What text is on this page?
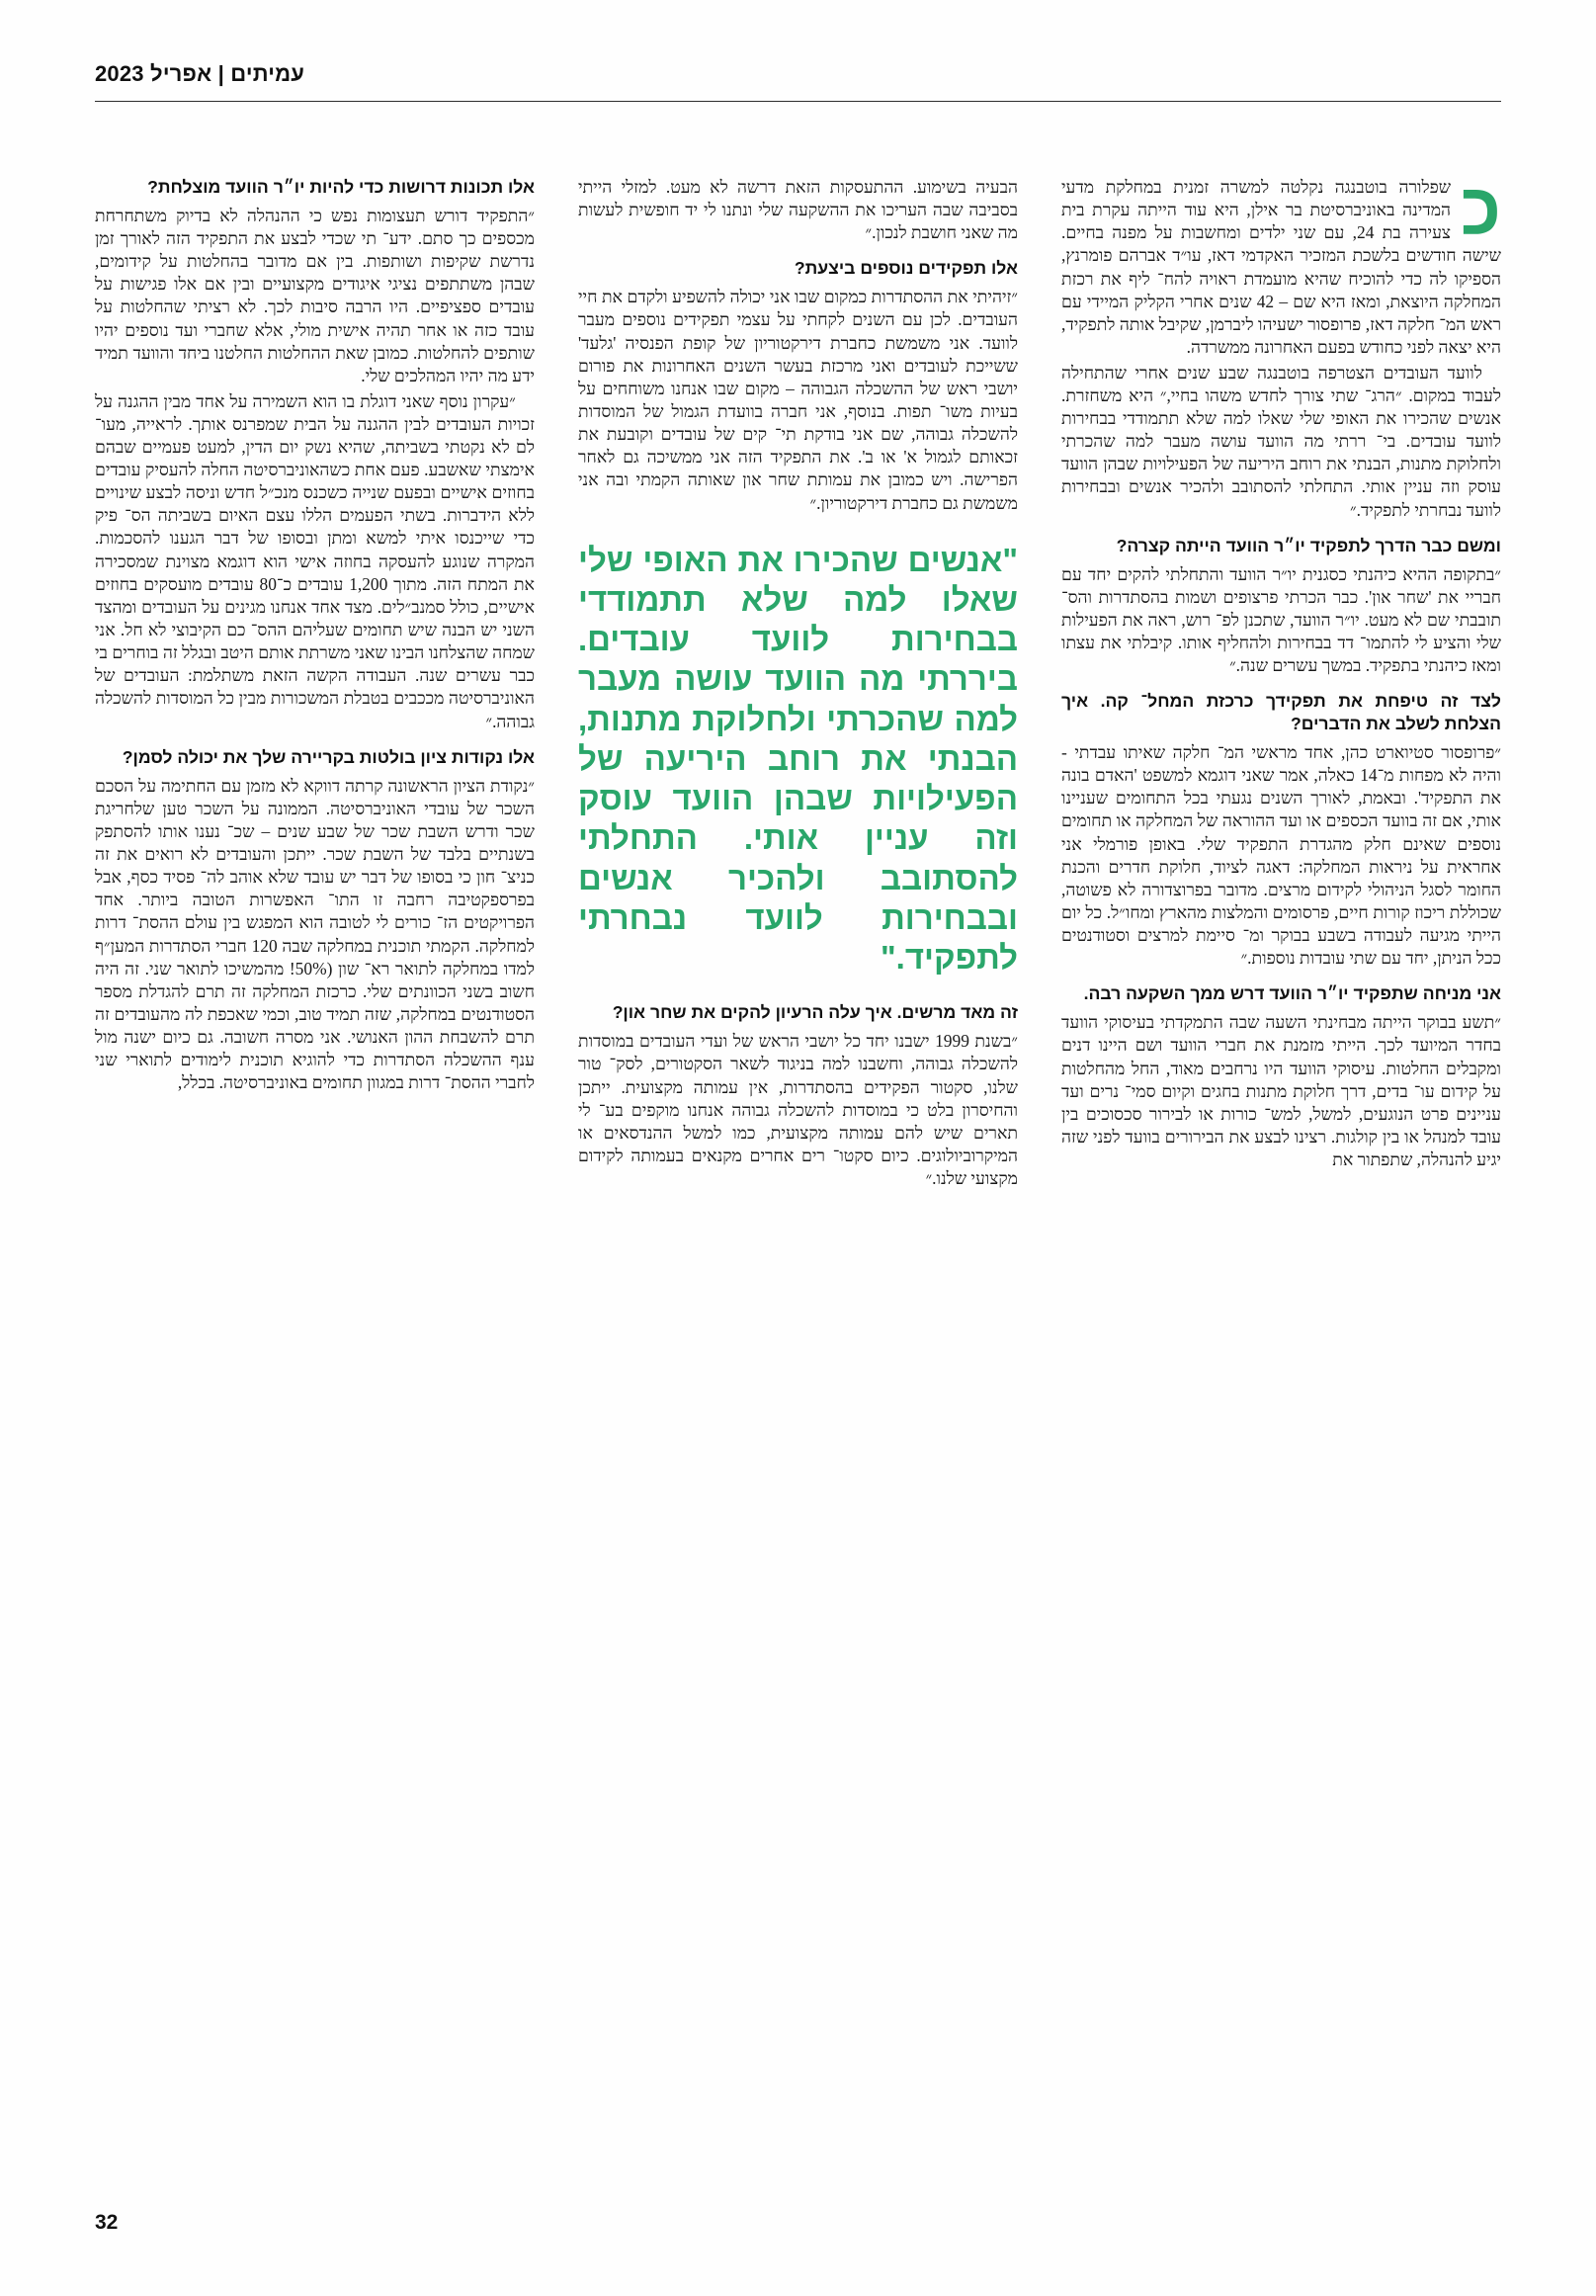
עמיתים | אפריל 2023

כ
שפלורה בוטבנגה נקלטה למשרה זמנית במחלקת מדעי המדינה באוניברסיטת בר אילן, היא עוד הייתה עקרת בית צעירה בת 24, עם שני ילדים ומחשבות על מפנה בחיים. שישה חודשים בלשכת המזכיר האקדמי דאז, עו״ד אברהם פומרנץ, הספיקו לה כדי להוכיח שהיא מועמדת ראויה להח־ ליף את רכזת המחלקה היוצאת, ומאז היא שם – 42 שנים אחרי הקליק המיידי עם ראש המ־ חלקה דאז, פרופסור ישעיהו ליברמן, שקיבל אותה לתפקיד, היא יצאה לפני כחודש בפעם האחרונה ממשרדה.

לוועד העובדים הצטרפה בוטבנגה שבע שנים אחרי שהתחילה לעבוד במקום. ״הרג־ שתי צורך לחדש משהו בחיי,״ היא משחזרת. אנשים שהכירו את האופי שלי שאלו למה שלא תתמודדי בבחירות לוועד עובדים. בי־ ררתי מה הוועד עושה מעבר למה שהכרתי ולחלוקת מתנות, הבנתי את רוחב היריעה של הפעילויות שבהן הוועד עוסק וזה עניין אותי. התחלתי להסתובב ולהכיר אנשים ובבחירות לוועד נבחרתי לתפקיד.״

ומשם כבר הדרך לתפקיד יו״ר הוועד הייתה קצרה?

״בתקופה ההיא כיהנתי כסגנית יו״ר הוועד והתחלתי להקים יחד עם חבריי את 'שחר און'. כבר הכרתי פרצופים ושמות בהסתדרות והס־ תובבתי שם לא מעט. יו״ר הוועד, שתכנן לפ־ רוש, ראה את הפעילות שלי והציע לי להתמו־ דד בבחירות ולהחליף אותו. קיבלתי את עצתו ומאז כיהנתי בתפקיד. במשך עשרים שנה.״

לצד זה טיפחת את תפקידך כרכזת המחל־ קה. איך הצלחת לשלב את הדברים?

״פרופסור סטיוארט כהן, אחד מראשי המ־ חלקה שאיתו עבדתי - והיה לא מפחות מ־14 כאלה, אמר שאני דוגמא למשפט 'האדם בונה את התפקיד'. ובאמת, לאורך השנים נגעתי בכל התחומים שעניינו אותי, אם זה בוועד הכספים או ועד ההוראה של המחלקה או תחומים נוספים שאינם חלק מהגדרת התפקיד שלי. באופן פורמלי אני אחראית על ניראות המחלקה: דאגה לציוד, חלוקת חדרים והכנת החומר לסגל הניהולי לקידום מרצים. מדובר בפרוצדורה לא פשוטה, שכוללת ריכוז קורות חיים, פרסומים והמלצות מהארץ ומחו״ל. כל יום הייתי מגיעה לעבודה בשבע בבוקר ומ־ סיימת למרצים וסטודנטים ככל הניתן, יחד עם שתי עובדות נוספות.״

אני מניחה שתפקיד יו״ר הוועד דרש ממך השקעה רבה.

״תשע בבוקר הייתה מבחינתי השעה שבה התמקדתי בעיסוקי הוועד בחדר המיועד לכך. הייתי מזמנת את חברי הוועד ושם היינו דנים ומקבלים החלטות. עיסוקי הוועד היו נרחבים מאוד, החל מהחלטות על קידום עו־ בדים, דרך חלוקת מתנות בחגים וקיום סמי־ נרים ועד עניינים פרט הנוגעים, למשל, למש־ כורות או לבירור סכסוכים בין עובד למנהל או בין קולגות. רצינו לבצע את הבירורים בוועד לפני שזה יגיע להנהלה, שתפתור את

הבעיה בשימוע. ההתעסקות הזאת דרשה לא מעט. למזלי הייתי בסביבה שבה העריכו את ההשקעה שלי ונתנו לי יד חופשית לעשות מה שאני חושבת לנכון.״

אלו תפקידים נוספים ביצעת?

״זיהיתי את ההסתדרות כמקום שבו אני יכולה להשפיע ולקדם את חיי העובדים. לכן עם השנים לקחתי על עצמי תפקידים נוספים מעבר לוועד. אני משמשת כחברת דירקטוריון של קופת הפנסיה 'גלעד' ששייכת לעובדים ואני מרכזת בעשר השנים האחרונות את פורום יושבי ראש של ההשכלה הגבוהה – מקום שבו אנחנו משוחחים על בעיות משו־ תפות. בנוסף, אני חברה בוועדת הגמול של המוסדות להשכלה גבוהה, שם אני בודקת תי־ קים של עובדים וקובעת את זכאותם לגמול א' או ב'. את התפקיד הזה אני ממשיכה גם לאחר הפרישה. ויש כמובן את עמותת שחר און שאותה הקמתי ובה אני משמשת גם כחברת דירקטוריון.״

"אנשים שהכירו את האופי שלי שאלו למה שלא תתמודדי בבחירות לוועד עובדים. ביררתי מה הוועד עושה מעבר למה שהכרתי ולחלוקת מתנות, הבנתי את רוחב היריעה של הפעילויות שבהן הוועד עוסק וזה עניין אותי. התחלתי להסתובב ולהכיר אנשים ובבחירות לוועד נבחרתי לתפקיד."
זה מאד מרשים. איך עלה הרעיון להקים את שחר און?

״בשנת 1999 ישבנו יחד כל יושבי הראש של ועדי העובדים במוסדות להשכלה גבוהה, וחשבנו למה בניגוד לשאר הסקטורים, לסק־ טור שלנו, סקטור הפקידים בהסתדרות, אין עמותה מקצועית. ייתכן והחיסרון בלט כי במוסדות להשכלה גבוהה אנחנו מוקפים בע־ לי תארים שיש להם עמותה מקצועית, כמו למשל ההנדסאים או המיקרוביולוגים. כיום סקטו־ רים אחרים מקנאים בעמותה לקידום מקצועי שלנו.״

אלו תכונות דרושות כדי להיות יו״ר הוועד מוצלחת?

״התפקיד דורש תעצומות נפש כי ההנהלה לא בדיוק משתחרחת מכספים כך סתם. ידע־ תי שכדי לבצע את התפקיד הזה לאורך זמן נדרשת שקיפות ושותפות. בין אם מדובר בהחלטות על קידומים, שבהן משתתפים נציגי איגודים מקצועיים ובין אם אלו פגישות על עובדים ספציפיים. היו הרבה סיבות לכך. לא רציתי שהחלטות על עובד כזה או אחר תהיה אישית מולי, אלא שחברי ועד נוספים יהיו שותפים להחלטות. כמובן שאת ההחלטות החלטנו ביחד והוועד תמיד ידע מה יהיו המהלכים שלי.

״עקרון נוסף שאני דוגלת בו הוא השמירה על אחד מבין ההגנה על זכויות העובדים לבין ההגנה על הבית שמפרנס אותך. לראייה, מעו־ לם לא נקטתי בשביתה, שהיא נשק יום הדין, למעט פעמיים שבהם אימצתי שאשבע. פעם אחת כשהאוניברסיטה החלה להעסיק עובדים בחוזים אישיים ובפעם שנייה כשכנס מנכ״ל חדש וניסה לבצע שינויים ללא הידברות. בשתי הפעמים הללו עצם האיום בשביתה הס־ פיק כדי שייכנסו איתי למשא ומתן ובסופו של דבר הגענו להסכמות. המקרה שנוגע להעסקה בחוזה אישי הוא דוגמא מצוינת שמסכירה את המתח הזה. מתוך 1,200 עובדים כ־80 עובדים מועסקים בחוזים אישיים, כולל סמנב״לים. מצד אחד אנחנו מגינים על העובדים ומהצד השני יש הבנה שיש תחומים שעליהם ההס־ כם הקיבוצי לא חל. אני שמחה שהצלחנו הבינו שאני משרתת אותם היטב ובגלל זה בוחרים בי כבר עשרים שנה. העבודה הקשה הזאת משתלמת: העובדים של האוניברסיטה מככבים בטבלת המשכורות מבין כל המוסדות להשכלה גבוהה.״

אלו נקודות ציון בולטות בקריירה שלך את יכולה לסמן?

״נקודת הציון הראשונה קרתה דווקא לא מזמן עם החתימה על הסכם השכר של עובדי האוניברסיטה. הממונה על השכר טען שלחריגת שכר ודרש השבת שכר של שבע שנים – שכ־ נענו אותו להסתפק בשנתיים בלבד של השבת שכר. ייתכן והעובדים לא רואים את זה כניצ־ חון כי בסופו של דבר יש עובד שלא אוהב לה־ פסיד כסף, אבל בפרספקטיבה רחבה זו התו־ האפשרות הטובה ביותר. אחד הפרויקטים הז־ כורים לי לטובה הוא המפגש בין עולם ההסת־ דרות למחלקה. הקמתי תוכנית במחלקה שבה 120 חברי הסתדרות המען״ף למדו במחלקה לתואר רא־ שון (50%! מהמשיכו לתואר שני. זה היה חשוב בשני הכוונתים שלי. כרכזת המחלקה זה תרם להגדלת מספר הסטודנטים במחלקה, שזה תמיד טוב, וכמי שאכפת לה מהעובדים זה תרם להשבחת ההון האנושי. אני מסרה חשובה. גם כיום ישנה מול ענף ההשכלה הסתדרות כדי להוגיא תוכנית לימודים לתוארי שני לחברי ההסת־ דרות במגוון תחומים באוניברסיטה. בכלל,

32
